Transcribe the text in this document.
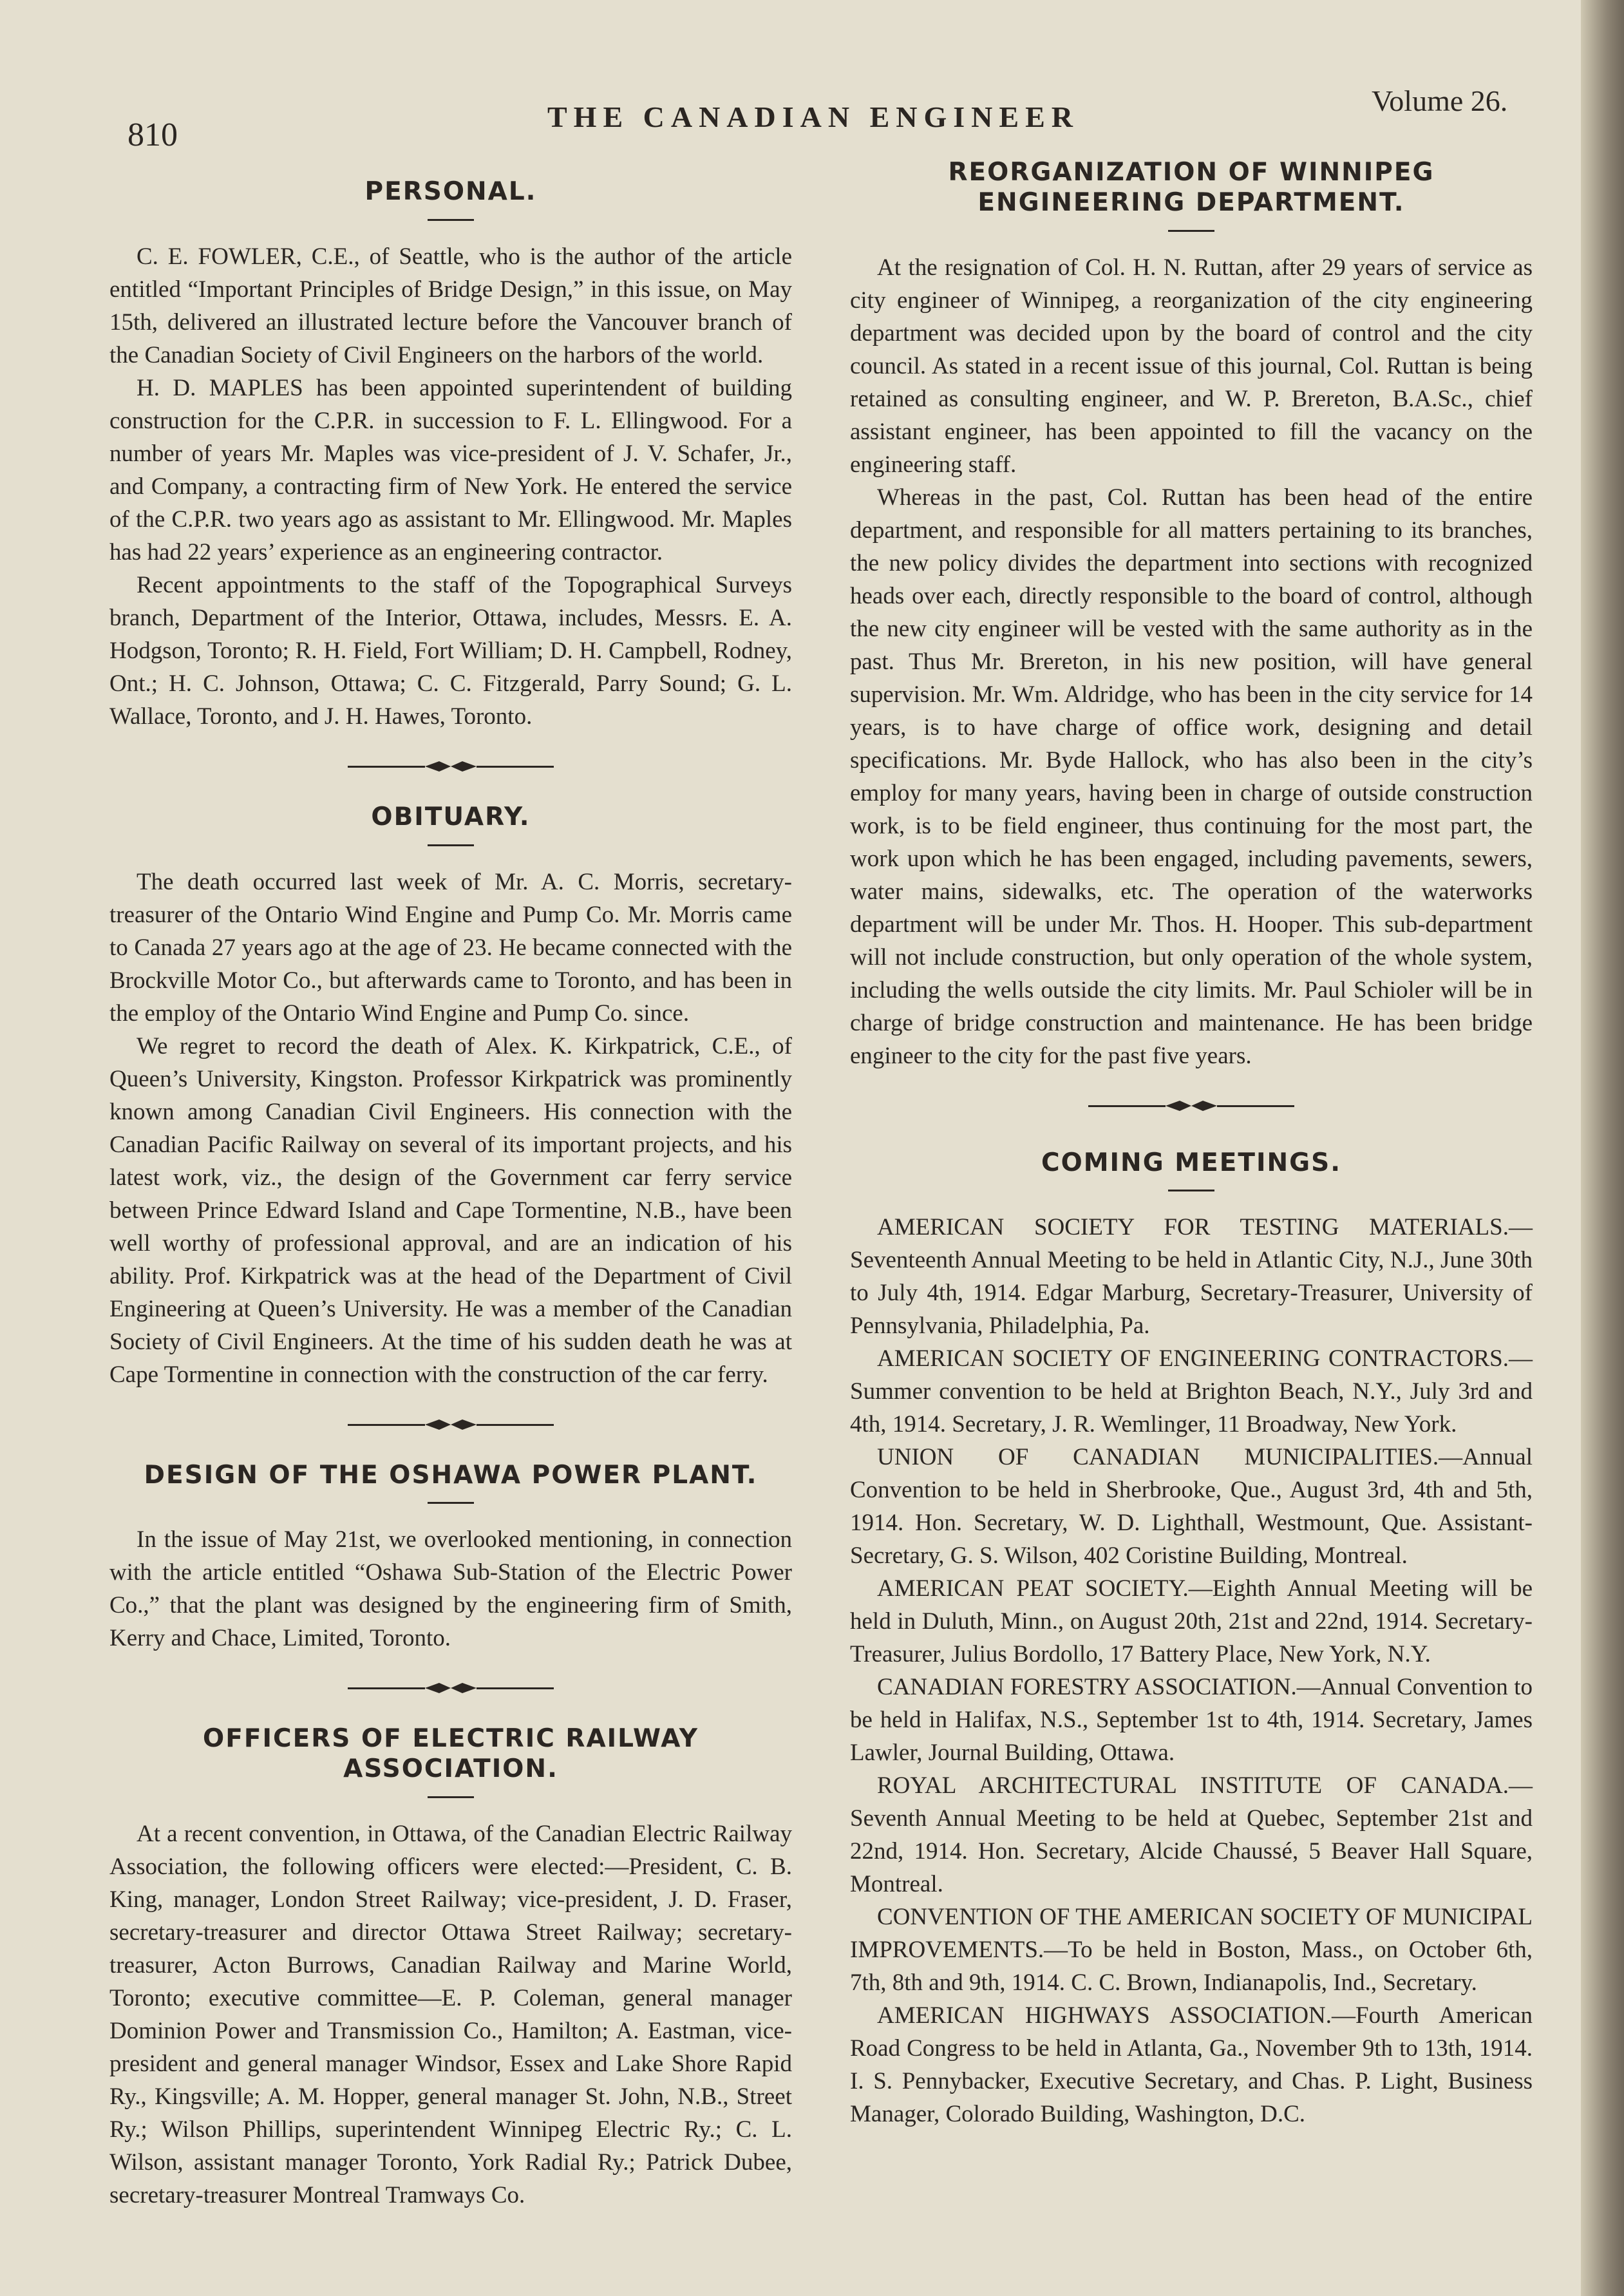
810	THE CANADIAN ENGINEER	Volume 26.
PERSONAL.

C. E. FOWLER, C.E., of Seattle, who is the author of the article entitled “Important Principles of Bridge Design,” in this issue, on May 15th, delivered an illustrated lecture before the Vancouver branch of the Canadian Society of Civil Engineers on the harbors of the world.

H. D. MAPLES has been appointed superintendent of building construction for the C.P.R. in succession to F. L. Ellingwood. For a number of years Mr. Maples was vice-president of J. V. Schafer, Jr., and Company, a contracting firm of New York. He entered the service of the C.P.R. two years ago as assistant to Mr. Ellingwood. Mr. Maples has had 22 years’ experience as an engineering contractor.

Recent appointments to the staff of the Topographical Surveys branch, Department of the Interior, Ottawa, includes, Messrs. E. A. Hodgson, Toronto; R. H. Field, Fort William; D. H. Campbell, Rodney, Ont.; H. C. Johnson, Ottawa; C. C. Fitzgerald, Parry Sound; G. L. Wallace, Toronto, and J. H. Hawes, Toronto.

OBITUARY.

The death occurred last week of Mr. A. C. Morris, secretary-treasurer of the Ontario Wind Engine and Pump Co. Mr. Morris came to Canada 27 years ago at the age of 23. He became connected with the Brockville Motor Co., but afterwards came to Toronto, and has been in the employ of the Ontario Wind Engine and Pump Co. since.

We regret to record the death of Alex. K. Kirkpatrick, C.E., of Queen’s University, Kingston. Professor Kirkpatrick was prominently known among Canadian Civil Engineers. His connection with the Canadian Pacific Railway on several of its important projects, and his latest work, viz., the design of the Government car ferry service between Prince Edward Island and Cape Tormentine, N.B., have been well worthy of professional approval, and are an indication of his ability. Prof. Kirkpatrick was at the head of the Department of Civil Engineering at Queen’s University. He was a member of the Canadian Society of Civil Engineers. At the time of his sudden death he was at Cape Tormentine in connection with the construction of the car ferry.

DESIGN OF THE OSHAWA POWER PLANT.

In the issue of May 21st, we overlooked mentioning, in connection with the article entitled “Oshawa Sub-Station of the Electric Power Co.,” that the plant was designed by the engineering firm of Smith, Kerry and Chace, Limited, Toronto.

OFFICERS OF ELECTRIC RAILWAY ASSOCIATION.

At a recent convention, in Ottawa, of the Canadian Electric Railway Association, the following officers were elected:—President, C. B. King, manager, London Street Railway; vice-president, J. D. Fraser, secretary-treasurer and director Ottawa Street Railway; secretary-treasurer, Acton Burrows, Canadian Railway and Marine World, Toronto; executive committee—E. P. Coleman, general manager Dominion Power and Transmission Co., Hamilton; A. Eastman, vice-president and general manager Windsor, Essex and Lake Shore Rapid Ry., Kingsville; A. M. Hopper, general manager St. John, N.B., Street Ry.; Wilson Phillips, superintendent Winnipeg Electric Ry.; C. L. Wilson, assistant manager Toronto, York Radial Ry.; Patrick Dubee, secretary-treasurer Montreal Tramways Co.

REORGANIZATION OF WINNIPEG ENGINEERING DEPARTMENT.

At the resignation of Col. H. N. Ruttan, after 29 years of service as city engineer of Winnipeg, a reorganization of the city engineering department was decided upon by the board of control and the city council. As stated in a recent issue of this journal, Col. Ruttan is being retained as consulting engineer, and W. P. Brereton, B.A.Sc., chief assistant engineer, has been appointed to fill the vacancy on the engineering staff.

Whereas in the past, Col. Ruttan has been head of the entire department, and responsible for all matters pertaining to its branches, the new policy divides the department into sections with recognized heads over each, directly responsible to the board of control, although the new city engineer will be vested with the same authority as in the past. Thus Mr. Brereton, in his new position, will have general supervision. Mr. Wm. Aldridge, who has been in the city service for 14 years, is to have charge of office work, designing and detail specifications. Mr. Byde Hallock, who has also been in the city’s employ for many years, having been in charge of outside construction work, is to be field engineer, thus continuing for the most part, the work upon which he has been engaged, including pavements, sewers, water mains, sidewalks, etc. The operation of the waterworks department will be under Mr. Thos. H. Hooper. This sub-department will not include construction, but only operation of the whole system, including the wells outside the city limits. Mr. Paul Schioler will be in charge of bridge construction and maintenance. He has been bridge engineer to the city for the past five years.

COMING MEETINGS.

AMERICAN SOCIETY FOR TESTING MATERIALS.—Seventeenth Annual Meeting to be held in Atlantic City, N.J., June 30th to July 4th, 1914. Edgar Marburg, Secretary-Treasurer, University of Pennsylvania, Philadelphia, Pa.

AMERICAN SOCIETY OF ENGINEERING CONTRACTORS.—Summer convention to be held at Brighton Beach, N.Y., July 3rd and 4th, 1914. Secretary, J. R. Wemlinger, 11 Broadway, New York.

UNION OF CANADIAN MUNICIPALITIES.—Annual Convention to be held in Sherbrooke, Que., August 3rd, 4th and 5th, 1914. Hon. Secretary, W. D. Lighthall, Westmount, Que. Assistant-Secretary, G. S. Wilson, 402 Coristine Building, Montreal.

AMERICAN PEAT SOCIETY.—Eighth Annual Meeting will be held in Duluth, Minn., on August 20th, 21st and 22nd, 1914. Secretary-Treasurer, Julius Bordollo, 17 Battery Place, New York, N.Y.

CANADIAN FORESTRY ASSOCIATION.—Annual Convention to be held in Halifax, N.S., September 1st to 4th, 1914. Secretary, James Lawler, Journal Building, Ottawa.

ROYAL ARCHITECTURAL INSTITUTE OF CANADA.—Seventh Annual Meeting to be held at Quebec, September 21st and 22nd, 1914. Hon. Secretary, Alcide Chaussé, 5 Beaver Hall Square, Montreal.

CONVENTION OF THE AMERICAN SOCIETY OF MUNICIPAL IMPROVEMENTS.—To be held in Boston, Mass., on October 6th, 7th, 8th and 9th, 1914. C. C. Brown, Indianapolis, Ind., Secretary.

AMERICAN HIGHWAYS ASSOCIATION.—Fourth American Road Congress to be held in Atlanta, Ga., November 9th to 13th, 1914. I. S. Pennybacker, Executive Secretary, and Chas. P. Light, Business Manager, Colorado Building, Washington, D.C.
